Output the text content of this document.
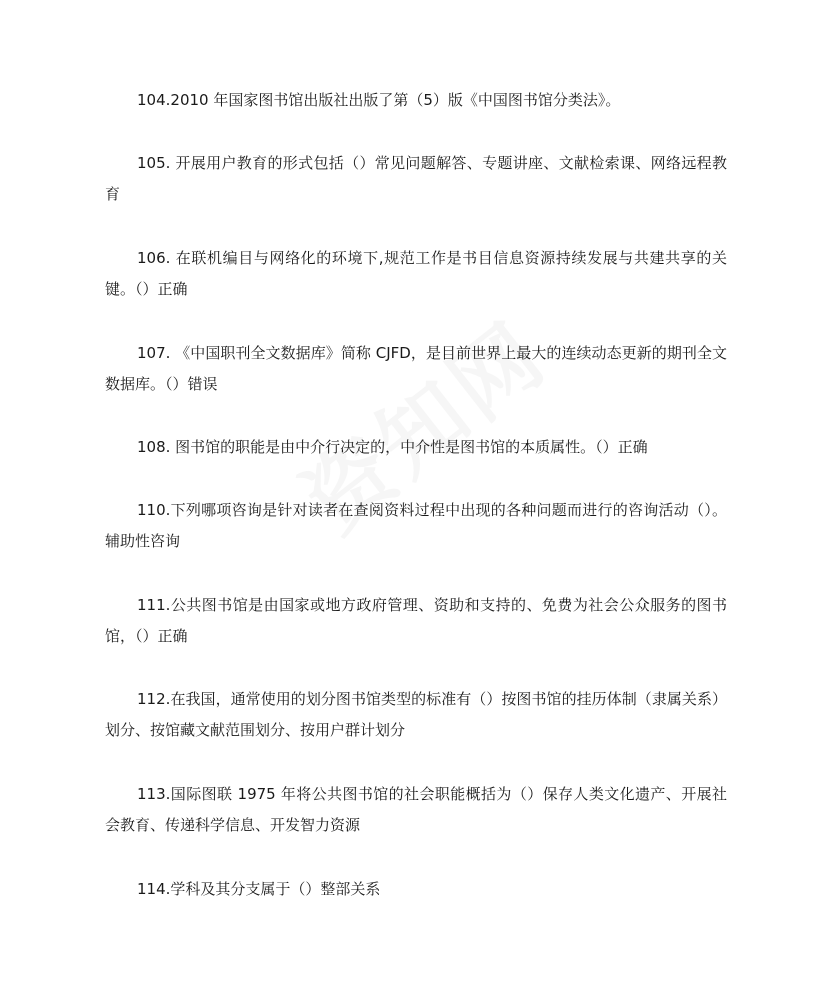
104.2010 年国家图书馆出版社出版了第（5）版《中国图书馆分类法》。

105. 开展用户教育的形式包括（）常见问题解答、专题讲座、文献检索课、网络远程教育

106. 在联机编目与网络化的环境下,规范工作是书目信息资源持续发展与共建共享的关键。（）正确

107. 《中国职刊全文数据库》简称 CJFD，是目前世界上最大的连续动态更新的期刊全文数据库。（）错误

108. 图书馆的职能是由中介行决定的，中介性是图书馆的本质属性。（）正确

110.下列哪项咨询是针对读者在查阅资料过程中出现的各种问题而进行的咨询活动（）。辅助性咨询

111.公共图书馆是由国家或地方政府管理、资助和支持的、免费为社会公众服务的图书馆，（）正确

112.在我国，通常使用的划分图书馆类型的标准有（）按图书馆的挂历体制（隶属关系）划分、按馆藏文献范围划分、按用户群计划分

113.国际图联 1975 年将公共图书馆的社会职能概括为（）保存人类文化遗产、开展社会教育、传递科学信息、开发智力资源

114.学科及其分支属于（）整部关系
